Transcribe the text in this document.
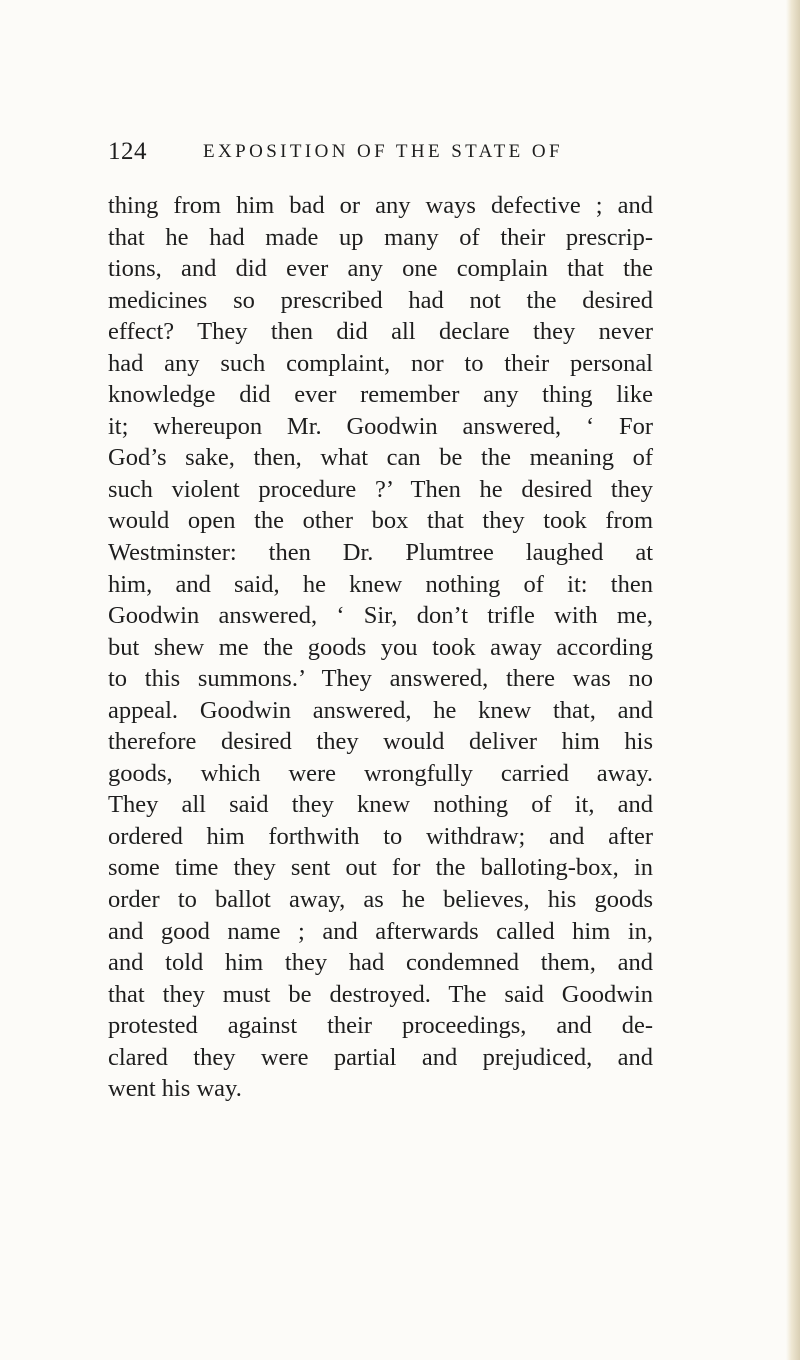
124	EXPOSITION OF THE STATE OF
thing from him bad or any ways defective ; and
that he had made up many of their prescrip-
tions, and did ever any one complain that the
medicines so prescribed had not the desired
effect? They then did all declare they never
had any such complaint, nor to their personal
knowledge did ever remember any thing like
it; whereupon Mr. Goodwin answered, ‘ For
God’s sake, then, what can be the meaning of
such violent procedure ?’ Then he desired they
would open the other box that they took from
Westminster: then Dr. Plumtree laughed at
him, and said, he knew nothing of it: then
Goodwin answered, ‘ Sir, don’t trifle with me,
but shew me the goods you took away according
to this summons.’ They answered, there was no
appeal. Goodwin answered, he knew that, and
therefore desired they would deliver him his
goods, which were wrongfully carried away.
They all said they knew nothing of it, and
ordered him forthwith to withdraw; and after
some time they sent out for the balloting-box, in
order to ballot away, as he believes, his goods
and good name ; and afterwards called him in,
and told him they had condemned them, and
that they must be destroyed. The said Goodwin
protested against their proceedings, and de-
clared they were partial and prejudiced, and
went his way.
